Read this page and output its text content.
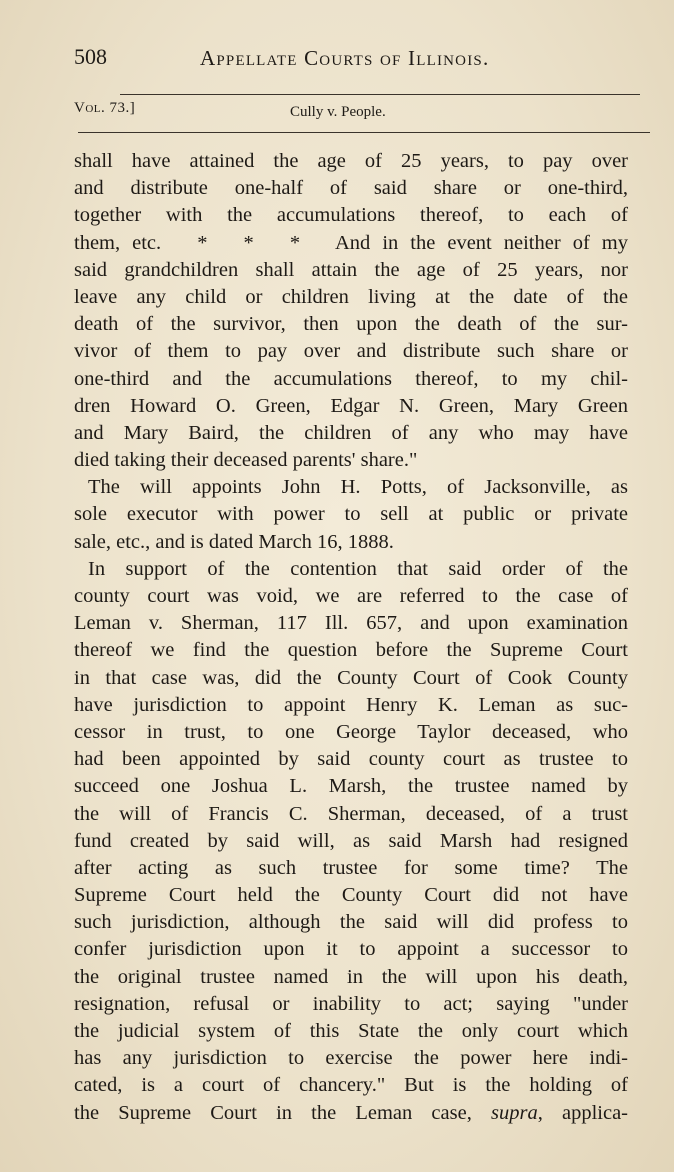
508	Appellate Courts of Illinois.
Vol. 73.]	Cully v. People.
shall have attained the age of 25 years, to pay over
and distribute one-half of said share or one-third,
together with the accumulations thereof, to each of
them, etc.   *   *   *   And in the event neither of my
said grandchildren shall attain the age of 25 years, nor
leave any child or children living at the date of the
death of the survivor, then upon the death of the sur-
vivor of them to pay over and distribute such share or
one-third and the accumulations thereof, to my chil-
dren Howard O. Green, Edgar N. Green, Mary Green
and Mary Baird, the children of any who may have
died taking their deceased parents' share."
The will appoints John H. Potts, of Jacksonville, as
sole executor with power to sell at public or private
sale, etc., and is dated March 16, 1888.
In support of the contention that said order of the
county court was void, we are referred to the case of
Leman v. Sherman, 117 Ill. 657, and upon examination
thereof we find the question before the Supreme Court
in that case was, did the County Court of Cook County
have jurisdiction to appoint Henry K. Leman as suc-
cessor in trust, to one George Taylor deceased, who
had been appointed by said county court as trustee to
succeed one Joshua L. Marsh, the trustee named by
the will of Francis C. Sherman, deceased, of a trust
fund created by said will, as said Marsh had resigned
after acting as such trustee for some time? The
Supreme Court held the County Court did not have
such jurisdiction, although the said will did profess to
confer jurisdiction upon it to appoint a successor to
the original trustee named in the will upon his death,
resignation, refusal or inability to act; saying "under
the judicial system of this State the only court which
has any jurisdiction to exercise the power here indi-
cated, is a court of chancery." But is the holding of
the Supreme Court in the Leman case, supra, applica-
